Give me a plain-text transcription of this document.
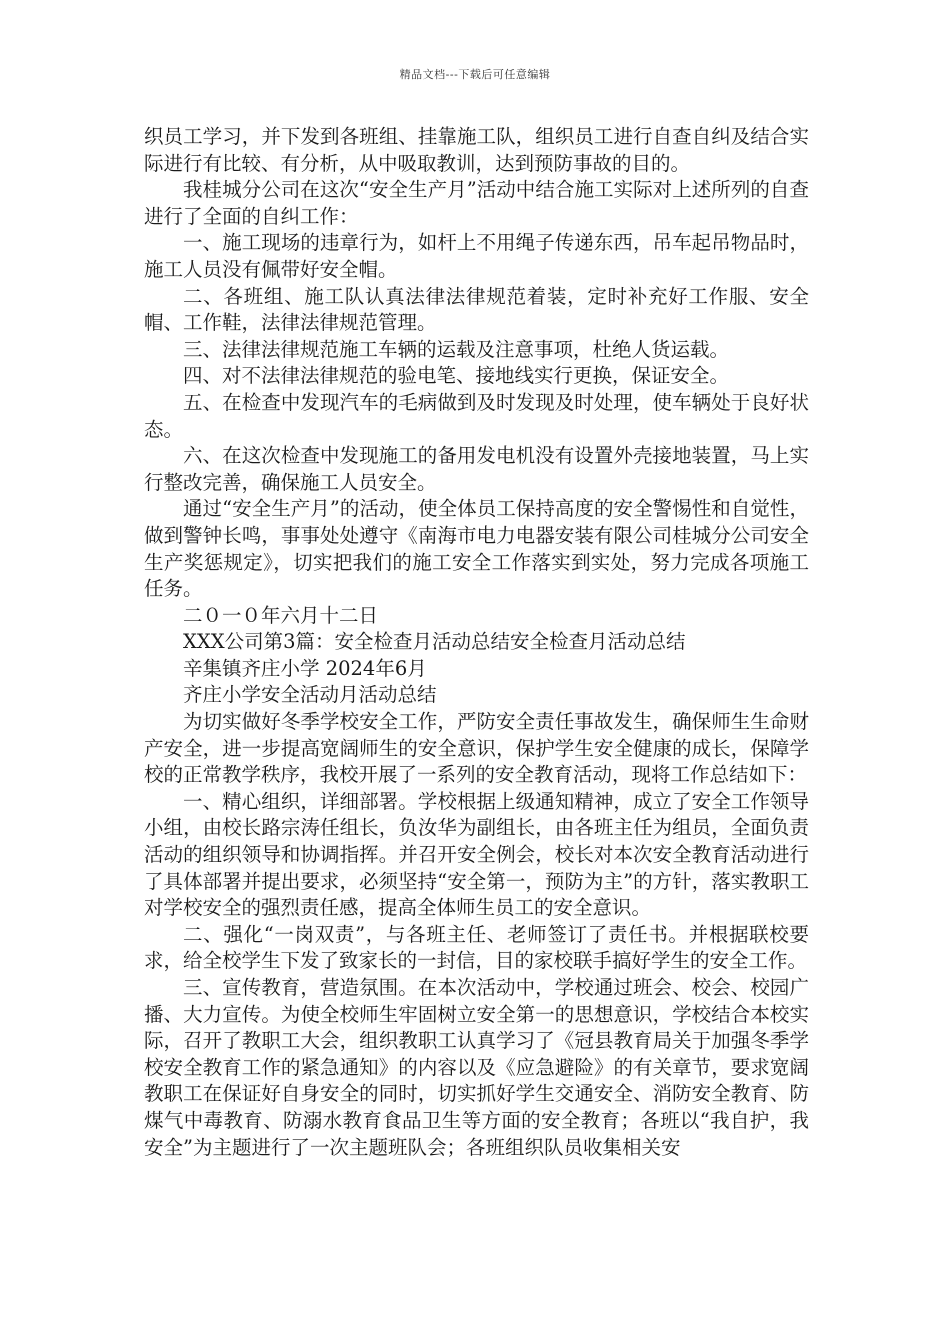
精品文档---下载后可任意编辑

织员工学习，并下发到各班组、挂靠施工队，组织员工进行自查自纠及结合实际进行有比较、有分析，从中吸取教训，达到预防事故的目的。

我桂城分公司在这次“安全生产月”活动中结合施工实际对上述所列的自查进行了全面的自纠工作：

一、施工现场的违章行为，如杆上不用绳子传递东西，吊车起吊物品时，施工人员没有佩带好安全帽。

二、各班组、施工队认真法律法律规范着装，定时补充好工作服、安全帽、工作鞋，法律法律规范管理。

三、法律法律规范施工车辆的运载及注意事项，杜绝人货运载。

四、对不法律法律规范的验电笔、接地线实行更换，保证安全。

五、在检查中发现汽车的毛病做到及时发现及时处理，使车辆处于良好状态。

六、在这次检查中发现施工的备用发电机没有设置外壳接地装置，马上实行整改完善，确保施工人员安全。

通过“安全生产月”的活动，使全体员工保持高度的安全警惕性和自觉性，做到警钟长鸣，事事处处遵守《南海市电力电器安装有限公司桂城分公司安全生产奖惩规定》，切实把我们的施工安全工作落实到实处，努力完成各项施工任务。

二０一０年六月十二日

XXX公司第3篇：安全检查月活动总结安全检查月活动总结

辛集镇齐庄小学 2024年6月

齐庄小学安全活动月活动总结

为切实做好冬季学校安全工作，严防安全责任事故发生，确保师生生命财产安全，进一步提高宽阔师生的安全意识，保护学生安全健康的成长，保障学校的正常教学秩序，我校开展了一系列的安全教育活动，现将工作总结如下：

一、精心组织，详细部署。学校根据上级通知精神，成立了安全工作领导小组，由校长路宗涛任组长，负汝华为副组长，由各班主任为组员，全面负责活动的组织领导和协调指挥。并召开安全例会，校长对本次安全教育活动进行了具体部署并提出要求，必须坚持“安全第一，预防为主”的方针，落实教职工对学校安全的强烈责任感，提高全体师生员工的安全意识。

二、强化“一岗双责”，与各班主任、老师签订了责任书。并根据联校要求，给全校学生下发了致家长的一封信，目的家校联手搞好学生的安全工作。

三、宣传教育，营造氛围。在本次活动中，学校通过班会、校会、校园广播、大力宣传。为使全校师生牢固树立安全第一的思想意识，学校结合本校实际，召开了教职工大会，组织教职工认真学习了《冠县教育局关于加强冬季学校安全教育工作的紧急通知》的内容以及《应急避险》的有关章节，要求宽阔教职工在保证好自身安全的同时，切实抓好学生交通安全、消防安全教育、防煤气中毒教育、防溺水教育食品卫生等方面的安全教育；各班以“我自护，我安全”为主题进行了一次主题班队会；各班组织队员收集相关安
